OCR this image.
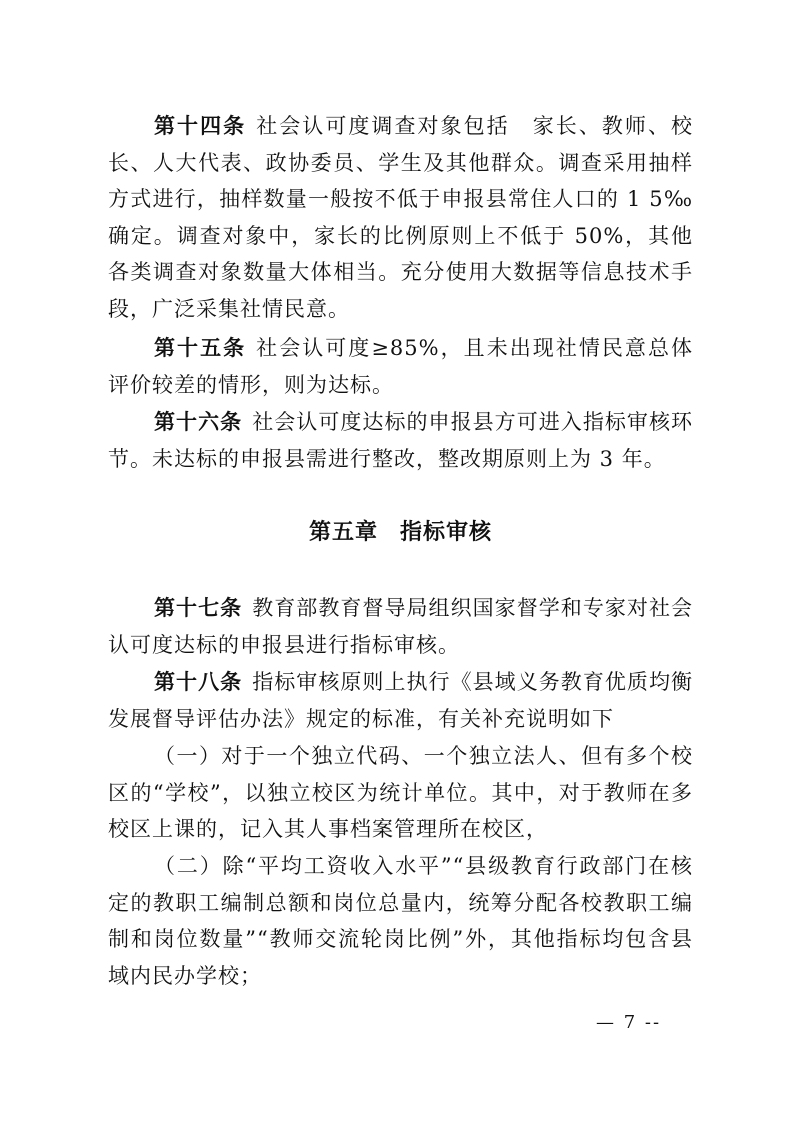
第十四条 社会认可度调查对象包括　家长、教师、校长、人大代表、政协委员、学生及其他群众。调查采用抽样方式进行，抽样数量一般按不低于申报县常住人口的 1 5‰确定。调查对象中，家长的比例原则上不低于 50%，其他各类调查对象数量大体相当。充分使用大数据等信息技术手段，广泛采集社情民意。

第十五条 社会认可度≥85%，且未出现社情民意总体评价较差的情形，则为达标。

第十六条 社会认可度达标的申报县方可进入指标审核环节。未达标的申报县需进行整改，整改期原则上为 3 年。

第五章 指标审核

第十七条 教育部教育督导局组织国家督学和专家对社会认可度达标的申报县进行指标审核。

第十八条 指标审核原则上执行《县域义务教育优质均衡发展督导评估办法》规定的标准，有关补充说明如下

（一）对于一个独立代码、一个独立法人、但有多个校区的“学校”，以独立校区为统计单位。其中，对于教师在多校区上课的，记入其人事档案管理所在校区，

（二）除“平均工资收入水平”“县级教育行政部门在核定的教职工编制总额和岗位总量内，统筹分配各校教职工编制和岗位数量”“教师交流轮岗比例”外，其他指标均包含县域内民办学校；

— 7 --
